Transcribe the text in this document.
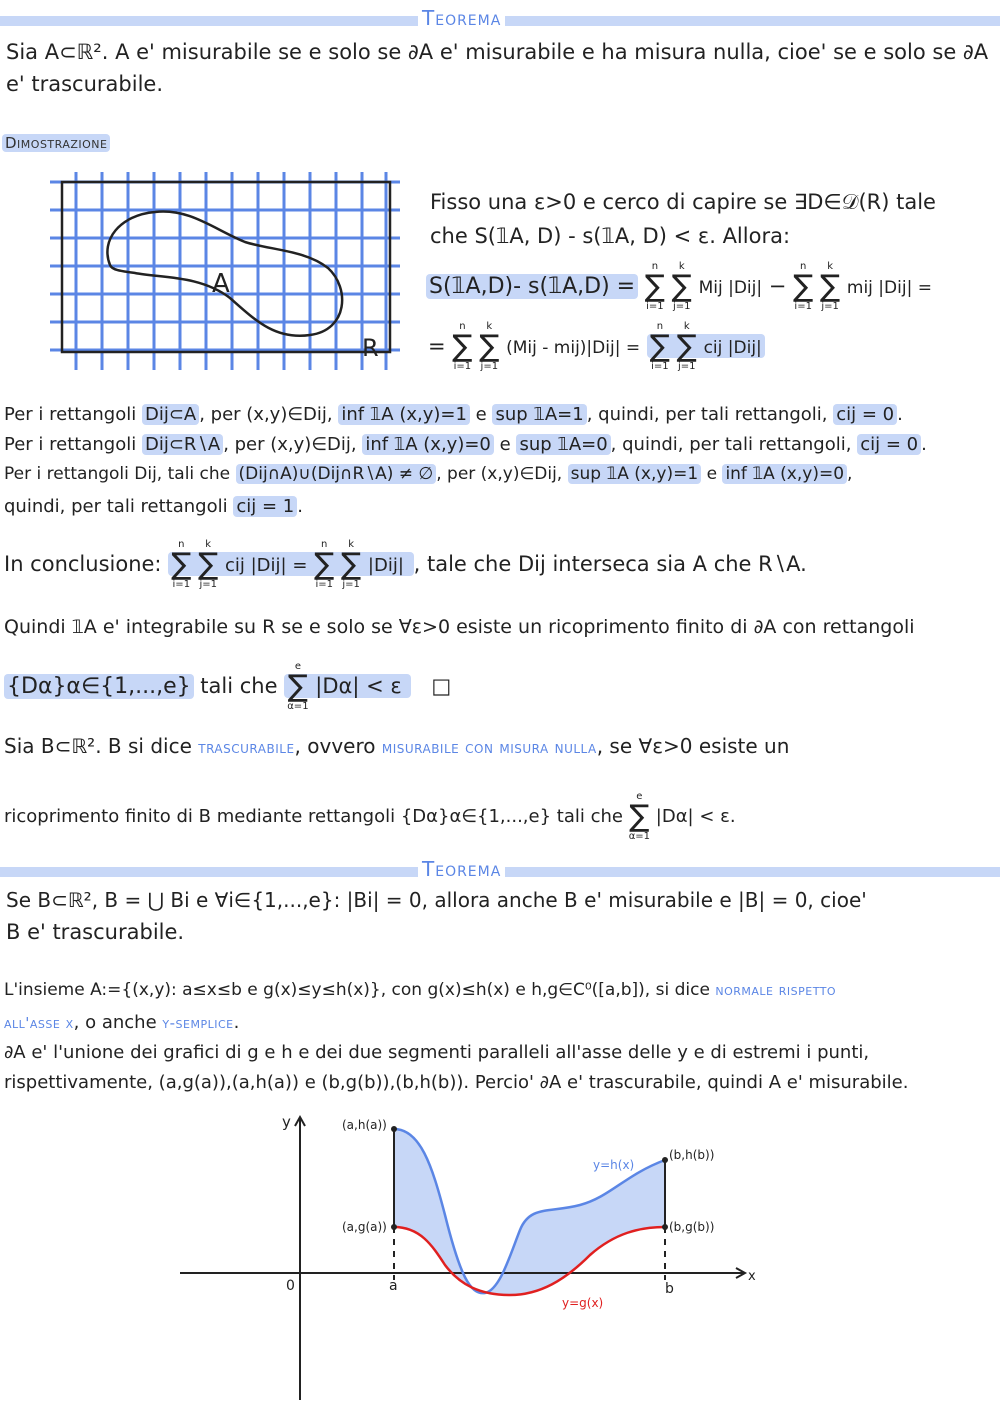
Teorema
Sia A⊂ℝ². A e' misurabile se e solo se ∂A e' misurabile e ha misura nulla, cioe' se e solo se ∂A
e' trascurabile.
Dimostrazione
A
R
Fisso una ε>0 e cerco di capire se ∃D∈𝒟(R) tale
che S(𝟙A, D) - s(𝟙A, D) < ε. Allora:
S(𝟙A,D)- s(𝟙A,D) =
n
∑
i=1

k
∑
j=1
Mij |Dij| −
n
∑
i=1

k
∑
j=1
mij |Dij| =
=
n
∑
i=1

k
∑
j=1
(Mij - mij)|Dij| =
n
∑
i=1

k
∑
j=1
cij |Dij|
Per i rettangoli Dij⊂A , per (x,y)∈Dij, inf 𝟙A (x,y)=1 e sup 𝟙A=1 , quindi, per tali rettangoli, cij = 0 .
Per i rettangoli Dij⊂R∖A , per (x,y)∈Dij, inf 𝟙A (x,y)=0 e sup 𝟙A=0 , quindi, per tali rettangoli, cij = 0 .
Per i rettangoli Dij, tali che (Dij∩A)∪(Dij∩R∖A) ≠ ∅ , per (x,y)∈Dij, sup 𝟙A (x,y)=1 e inf 𝟙A (x,y)=0 ,
quindi, per tali rettangoli cij = 1 .
In conclusione:
n
∑
i=1

k
∑
j=1
cij |Dij| =
n
∑
i=1

k
∑
j=1
|Dij| , tale che Dij interseca sia A che R∖A.
Quindi 𝟙A e' integrabile su R se e solo se ∀ε>0 esiste un ricoprimento finito di ∂A con rettangoli
{Dα}α∈{1,...,e} tali che
e
∑
α=1
|Dα| < ε □
Sia B⊂ℝ². B si dice trascurabile, ovvero misurabile con misura nulla, se ∀ε>0 esiste un
ricoprimento finito di B mediante rettangoli {Dα}α∈{1,...,e} tali che
e
∑
α=1
|Dα| < ε.
Teorema
Se B⊂ℝ², B = ⋃ Bi e ∀i∈{1,...,e}: |Bi| = 0, allora anche B e' misurabile e |B| = 0, cioe'
B e' trascurabile.
L'insieme A:={(x,y): a≤x≤b e g(x)≤y≤h(x)}, con g(x)≤h(x) e h,g∈C⁰([a,b]), si dice normale rispetto
all'asse x, o anche y-semplice.
∂A e' l'unione dei grafici di g e h e dei due segmenti paralleli all'asse delle y e di estremi i punti,
rispettivamente, (a,g(a)),(a,h(a)) e (b,g(b)),(b,h(b)). Percio' ∂A e' trascurabile, quindi A e' misurabile.
y
x
0	a	b
(a,h(a))
(a,g(a))
(b,h(b))
(b,g(b))
y=h(x)
y=g(x)
